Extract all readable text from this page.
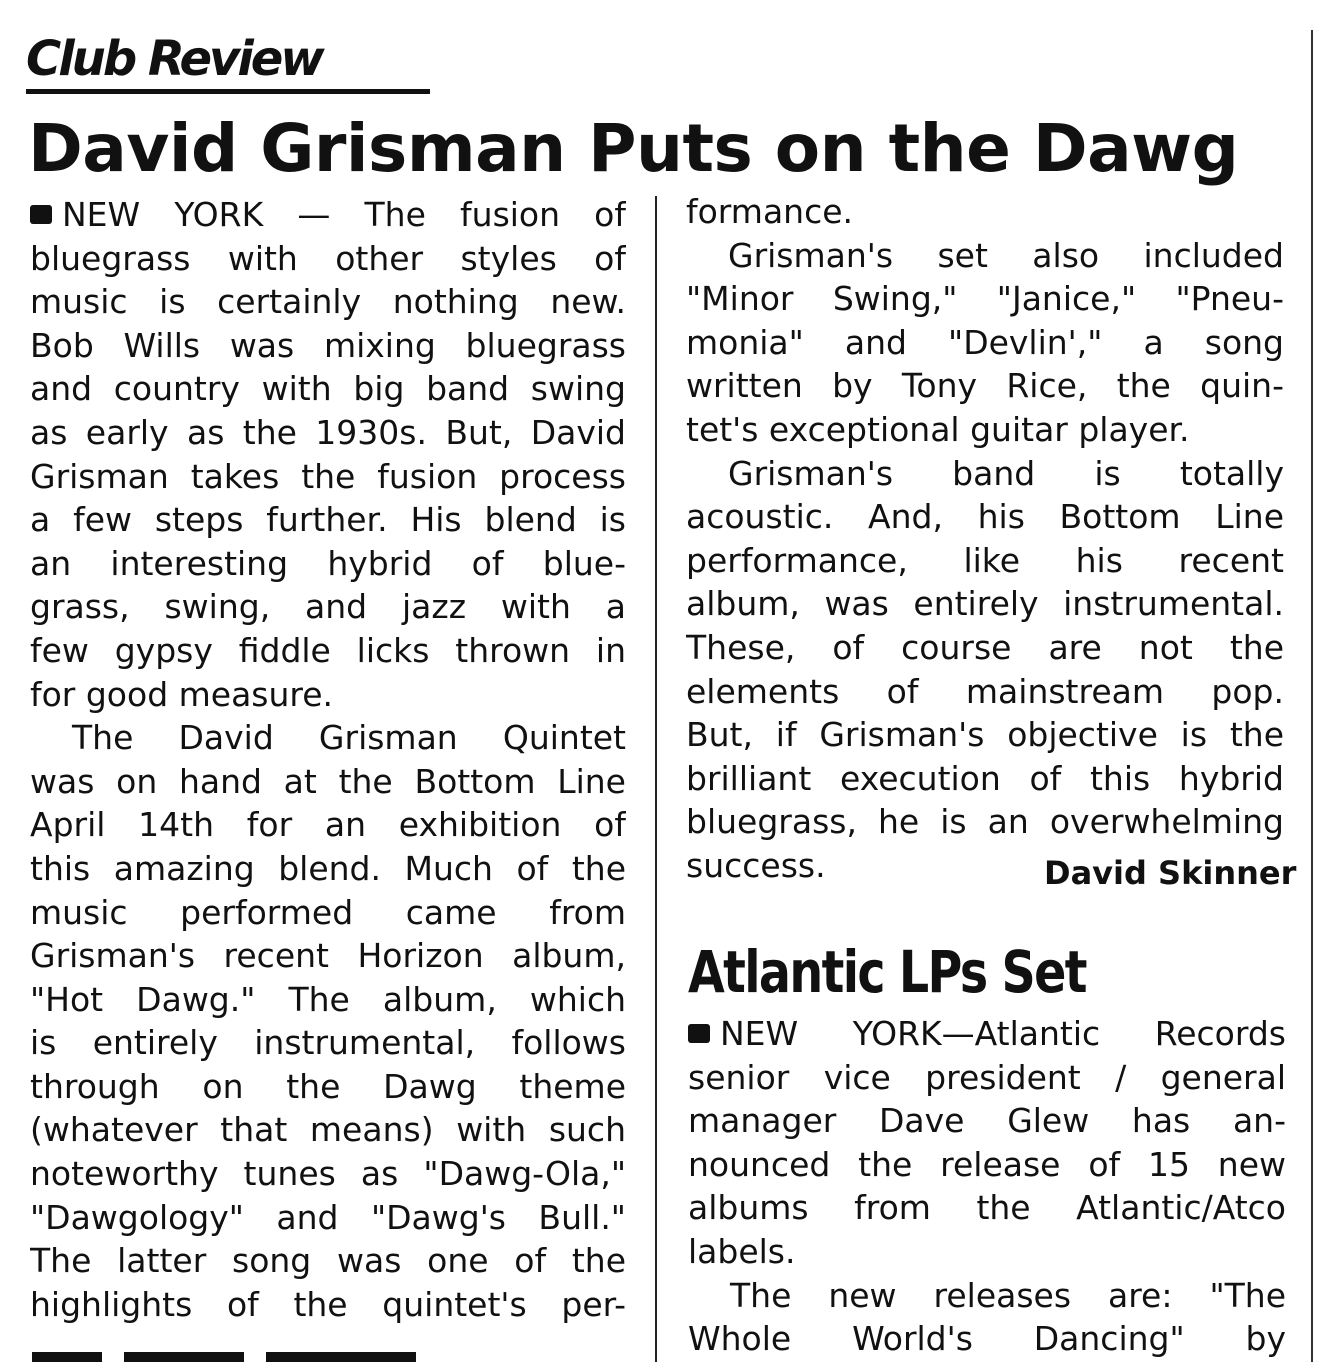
Club Review
David Grisman Puts on the Dawg

NEW YORK — The fusion of
bluegrass with other styles of
music is certainly nothing new.
Bob Wills was mixing bluegrass
and country with big band swing
as early as the 1930s. But, David
Grisman takes the fusion process
a few steps further. His blend is
an interesting hybrid of blue-
grass, swing, and jazz with a
few gypsy fiddle licks thrown in
for good measure.

The David Grisman Quintet
was on hand at the Bottom Line
April 14th for an exhibition of
this amazing blend. Much of the
music performed came from
Grisman's recent Horizon album,
"Hot Dawg." The album, which
is entirely instrumental, follows
through on the Dawg theme
(whatever that means) with such
noteworthy tunes as "Dawg-Ola,"
"Dawgology" and "Dawg's Bull."
The latter song was one of the
highlights of the quintet's per-

formance.

Grisman's set also included
"Minor Swing," "Janice," "Pneu-
monia" and "Devlin'," a song
written by Tony Rice, the quin-
tet's exceptional guitar player.

Grisman's band is totally
acoustic. And, his Bottom Line
performance, like his recent
album, was entirely instrumental.
These, of course are not the
elements of mainstream pop.
But, if Grisman's objective is the
brilliant execution of this hybrid
bluegrass, he is an overwhelming
success.	David Skinner
Atlantic LPs Set

NEW YORK—Atlantic Records
senior vice president / general
manager Dave Glew has an-
nounced the release of 15 new
albums from the Atlantic/Atco
labels.

The new releases are: "The
Whole World's Dancing" by
